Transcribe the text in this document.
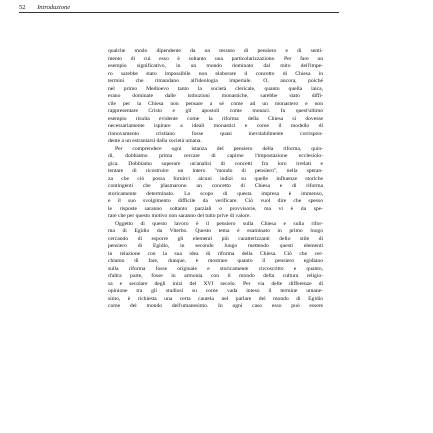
52 Introduzione
qualche modo dipendente da un tessuto di pensiero e di senti-
mento di cui esso è soltanto una particolarizzazione. Per fare un
esempio significativo, in un mondo dominato dal mito dell'impe-
ro sarebbe stato impossibile non elaborare il concetto di Chiesa in
termini che rimandano all'ideologia imperiale. O, ancora, poiché
nel primo Medioevo tanto la società clericale, quanto quella laica,
erano dominate dalle istituzioni monastiche, sarebbe stato diffi-
cile per la Chiesa non pensare a sé come ad un monastero e non
rappresentare Cristo e gli apostoli come monaci. In quest'ultimo
esempio risulta evidente come la riforma della Chiesa si dovesse
necessariamente ispirare a ideali monastici e come il modello di
rinnovamento cristiano fosse quasi inevitabilmente corrispon-
dente a un estraniarsi dalla società umana.
Per comprendere ogni istanza del pensiero della riforma, quin-
di, dobbiamo prima cercare di capirne l'impostazione ecclesiolo-
gica. Dobbiamo superare un'analisi di concetti fra loro irrelati e
tentare di ricostruire un intero "mondo di pensiero", nella speran-
za che ciò possa fornirci alcuni indizi su quelle influenze storiche
contingenti che plasmarono un concetto di Chiesa e di riforma
storicamente determinato. Lo scopo di questa impresa è immenso,
e il suo svolgimento difficile da verificare. Ciò vuol dire che spesso
le risposte saranno soltanto parziali o provvisorie, ma vi è da spe-
rare che per questo motivo non saranno del tutto prive di valore.
Oggetto di questo lavoro è il pensiero sulla Chiesa e sulla rifor-
ma di Egidio da Viterbo. Questo tema è esaminato in primo luogo
cercando di esporre gli elementi più caratterizzanti dello stile di
pensiero di Egidio, in secondo luogo mettendo questi elementi
in relazione con la sua idea di riforma della Chiesa. Ciò che cer-
chiamo di fare, dunque, è mostrare quanto il pensiero egidiano
sulla riforma fosse originale e storicamente circoscritto e quanto,
d'altra parte, fosse in armonia con il mondo della cultura religio-
sa e secolare degli inizi del XVI secolo. Per via delle differenze di
opinione tra gli studiosi su come vada inteso il termine umane-
simo, è richiesta una certa cautela nel parlare del mondo di Egidio
come del mondo dell'umanesimo. In ogni caso esso può essere
